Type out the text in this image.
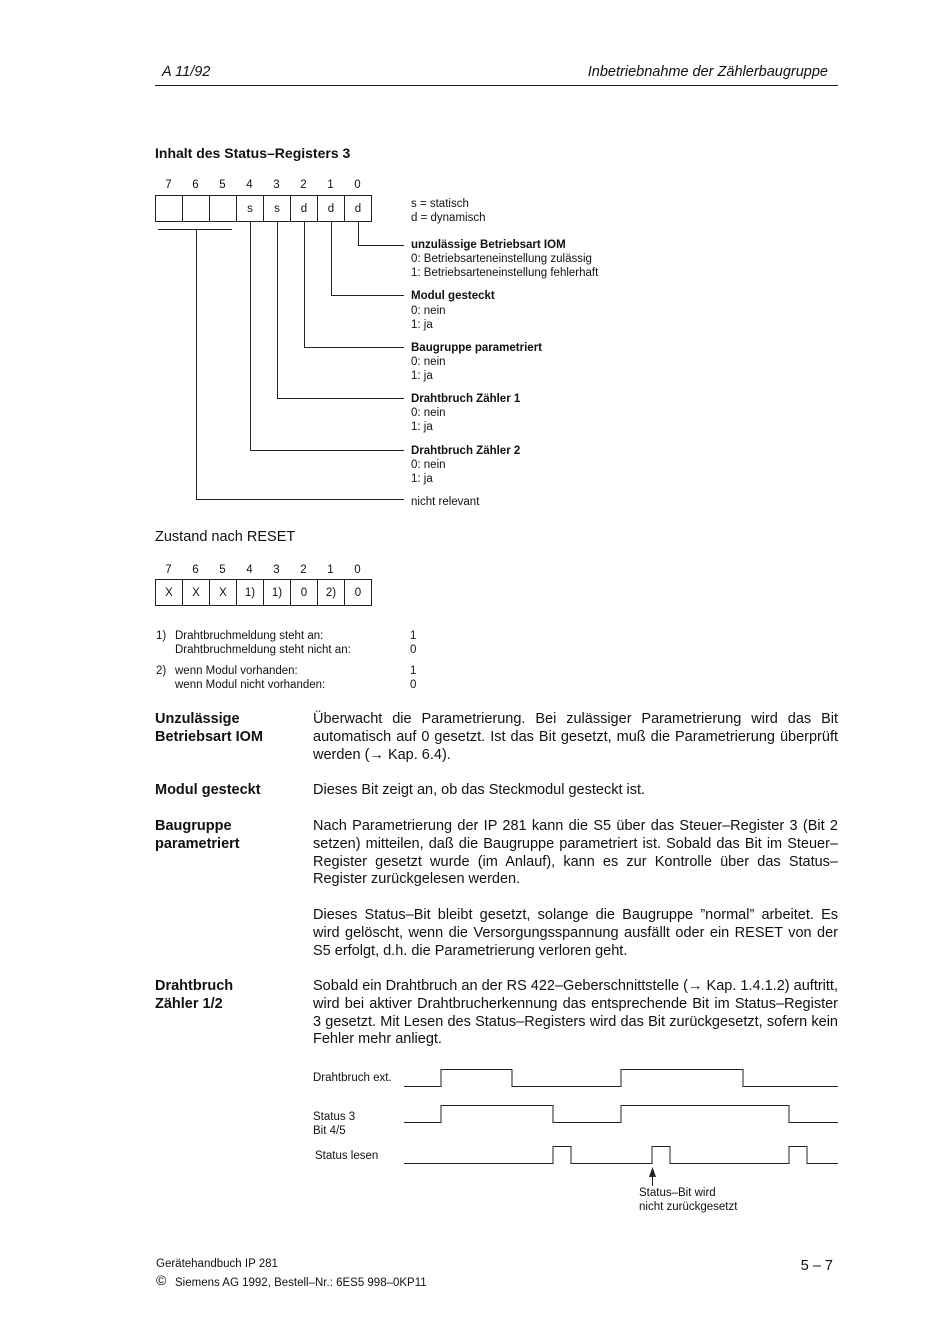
A 11/92	Inbetriebnahme der Zählerbaugruppe
Inhalt des Status–Registers 3
7	6	5	4	3	2	1	0
			s	s	d	d	d	s = statisch
d = dynamisch
unzulässige Betriebsart IOM
0: Betriebsarteneinstellung zulässig
1: Betriebsarteneinstellung fehlerhaft
Modul gesteckt
0: nein
1: ja
Baugruppe parametriert
0: nein
1: ja
Drahtbruch Zähler 1
0: nein
1: ja
Drahtbruch Zähler 2
0: nein
1: ja
nicht relevant
Zustand nach RESET
7	6	5	4	3	2	1	0
X	X	X	1)	1)	0	2)	0
1) Drahtbruchmeldung steht an:	1
Drahtbruchmeldung steht nicht an:	0
2) wenn Modul vorhanden:	1
wenn Modul nicht vorhanden:	0
Unzulässige
Betriebsart IOM
Überwacht die Parametrierung. Bei zulässiger Parametrierung wird das Bit automatisch auf 0 gesetzt. Ist das Bit gesetzt, muß die Parametrierung überprüft werden (→ Kap. 6.4).
Modul gesteckt	Dieses Bit zeigt an, ob das Steckmodul gesteckt ist.
Baugruppe
parametriert
Nach Parametrierung der IP 281 kann die S5 über das Steuer–Register 3 (Bit 2 setzen) mitteilen, daß die Baugruppe parametriert ist. Sobald das Bit im Steuer–Register gesetzt wurde (im Anlauf), kann es zur Kontrolle über das Status–Register zurückgelesen werden.
Dieses Status–Bit bleibt gesetzt, solange die Baugruppe ”normal” arbeitet. Es wird gelöscht, wenn die Versorgungsspannung ausfällt oder ein RESET von der S5 erfolgt, d.h. die Parametrierung verloren geht.
Drahtbruch
Zähler 1/2
Sobald ein Drahtbruch an der RS 422–Geberschnittstelle (→ Kap. 1.4.1.2) auftritt, wird bei aktiver Drahtbrucherkennung das entsprechende Bit im Status–Register 3 gesetzt. Mit Lesen des Status–Registers wird das Bit zurückgesetzt, sofern kein Fehler mehr anliegt.
Drahtbruch ext.
Status 3
Bit 4/5
Status lesen
Status–Bit wird
nicht zurückgesetzt
Gerätehandbuch IP 281
© Siemens AG 1992, Bestell–Nr.: 6ES5 998–0KP11
5 – 7
